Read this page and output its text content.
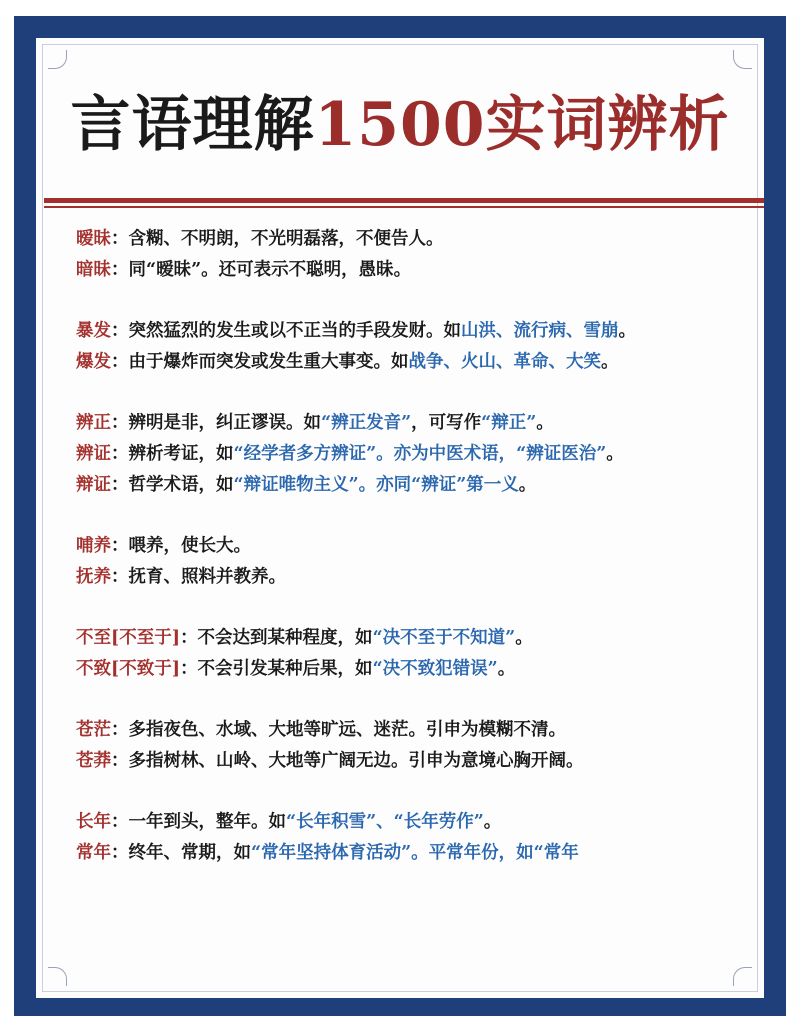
言语理解1500实词辨析

暧昧：含糊、不明朗，不光明磊落，不便告人。

暗昧：同“暧昧”。还可表示不聪明，愚昧。

暴发：突然猛烈的发生或以不正当的手段发财。如山洪、流行病、雪崩。

爆发：由于爆炸而突发或发生重大事变。如战争、火山、革命、大笑。

辨正：辨明是非，纠正谬误。如“辨正发音”，可写作“辩正”。

辨证：辨析考证，如“经学者多方辨证”。亦为中医术语，“辨证医治”。

辩证：哲学术语，如“辩证唯物主义”。亦同“辨证”第一义。

哺养：喂养，使长大。

抚养：抚育、照料并教养。

不至[不至于]：不会达到某种程度，如“决不至于不知道”。

不致[不致于]：不会引发某种后果，如“决不致犯错误”。

苍茫：多指夜色、水域、大地等旷远、迷茫。引申为模糊不清。

苍莽：多指树林、山岭、大地等广阔无边。引申为意境心胸开阔。

长年：一年到头，整年。如“长年积雪”、“长年劳作”。

常年：终年、常期，如“常年坚持体育活动”。平常年份，如“常年
